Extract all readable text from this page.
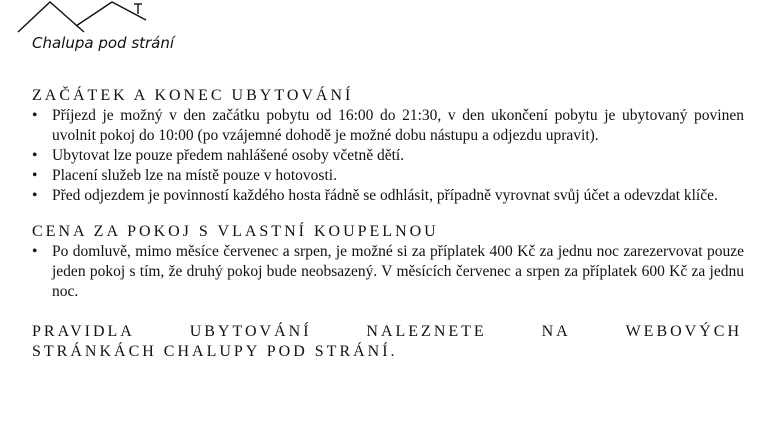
Chalupa pod strání
ZAČÁTEK A KONEC UBYTOVÁNÍ
• Příjezd je možný v den začátku pobytu od 16:00 do 21:30, v den ukončení pobytu je ubytovaný povinen uvolnit pokoj do 10:00 (po vzájemné dohodě je možné dobu nástupu a odjezdu upravit).
• Ubytovat lze pouze předem nahlášené osoby včetně dětí.
• Placení služeb lze na místě pouze v hotovosti.
• Před odjezdem je povinností každého hosta řádně se odhlásit, případně vyrovnat svůj účet a odevzdat klíče.
CENA ZA POKOJ S VLASTNÍ KOUPELNOU
• Po domluvě, mimo měsíce červenec a srpen, je možné si za příplatek 400 Kč za jednu noc zarezervovat pouze jeden pokoj s tím, že druhý pokoj bude neobsazený. V měsících červenec a srpen za příplatek 600 Kč za jednu noc.
PRAVIDLA	UBYTOVÁNÍ	NALEZNETE	NA	WEBOVÝCH
STRÁNKÁCH CHALUPY POD STRÁNÍ.
